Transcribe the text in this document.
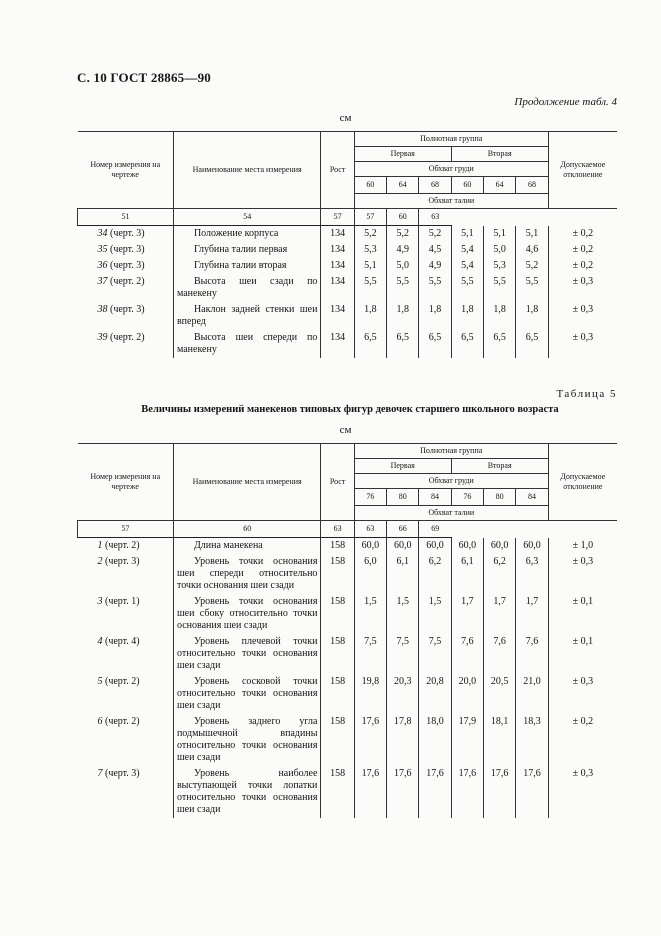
С. 10 ГОСТ 28865—90
Продолжение табл. 4
см
Номер измерения на чертеже	Наименование места измерения	Рост	Полнотная группа						Допускаемое отклонение
			Первая			Вторая			
			Обхват груди						
			60	64	68	60	64	68	
			Обхват талии						
51	54	57	57	60	63				
34 (черт. 3)	Положение корпуса	134	5,2	5,2	5,2	5,1	5,1	5,1	± 0,2
35 (черт. 3)	Глубина талии первая	134	5,3	4,9	4,5	5,4	5,0	4,6	± 0,2
36 (черт. 3)	Глубина талии вторая	134	5,1	5,0	4,9	5,4	5,3	5,2	± 0,2
37 (черт. 2)	Высота шеи сзади по манекену	134	5,5	5,5	5,5	5,5	5,5	5,5	± 0,3
38 (черт. 3)	Наклон задней стенки шеи вперед	134	1,8	1,8	1,8	1,8	1,8	1,8	± 0,3
39 (черт. 2)	Высота шеи спереди по манекену	134	6,5	6,5	6,5	6,5	6,5	6,5	± 0,3
Таблица 5
Величины измерений манекенов типовых фигур девочек старшего школьного возраста
см
Номер измерения на чертеже	Наименование места измерения	Рост	Полнотная группа						Допускаемое отклонение
			Первая			Вторая			
			Обхват груди						
			76	80	84	76	80	84	
			Обхват талии						
57	60	63	63	66	69				
1 (черт. 2)	Длина манекена	158	60,0	60,0	60,0	60,0	60,0	60,0	± 1,0
2 (черт. 3)	Уровень точки основания шеи спереди относительно точки основания шеи сзади	158	6,0	6,1	6,2	6,1	6,2	6,3	± 0,3
3 (черт. 1)	Уровень точки основания шеи сбоку относительно точки основания шеи сзади	158	1,5	1,5	1,5	1,7	1,7	1,7	± 0,1
4 (черт. 4)	Уровень плечевой точки относительно точки основания шеи сзади	158	7,5	7,5	7,5	7,6	7,6	7,6	± 0,1
5 (черт. 2)	Уровень сосковой точки относительно точки основания шеи сзади	158	19,8	20,3	20,8	20,0	20,5	21,0	± 0,3
6 (черт. 2)	Уровень заднего угла подмышечной впадины относительно точки основания шеи сзади	158	17,6	17,8	18,0	17,9	18,1	18,3	± 0,2
7 (черт. 3)	Уровень наиболее выступающей точки лопатки относительно точки основания шеи сзади	158	17,6	17,6	17,6	17,6	17,6	17,6	± 0,3
